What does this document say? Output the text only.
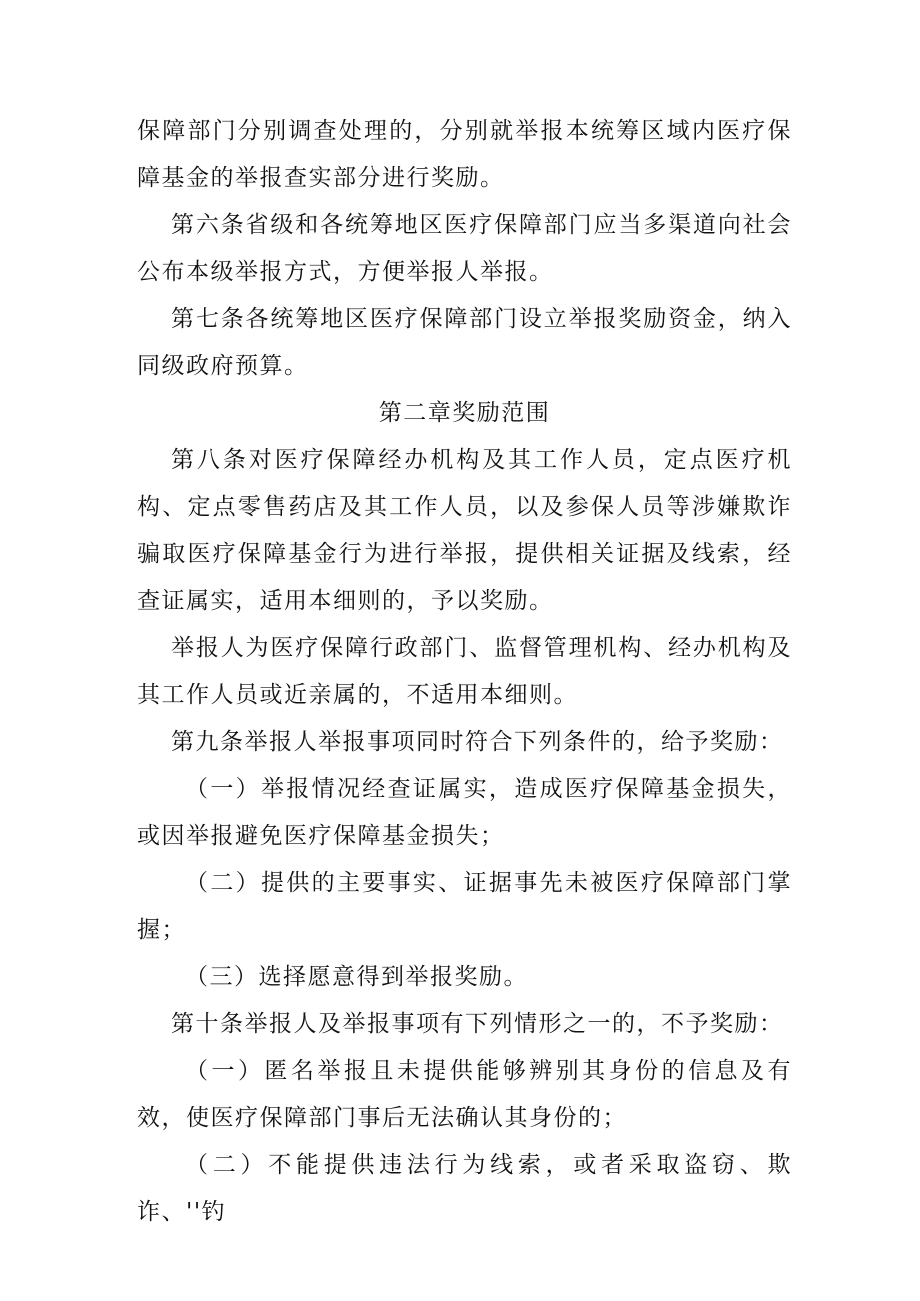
保障部门分别调查处理的，分别就举报本统筹区域内医疗保障基金的举报查实部分进行奖励。

第六条省级和各统筹地区医疗保障部门应当多渠道向社会公布本级举报方式，方便举报人举报。

第七条各统筹地区医疗保障部门设立举报奖励资金，纳入同级政府预算。

第二章奖励范围

第八条对医疗保障经办机构及其工作人员，定点医疗机构、定点零售药店及其工作人员，以及参保人员等涉嫌欺诈骗取医疗保障基金行为进行举报，提供相关证据及线索，经查证属实，适用本细则的，予以奖励。

举报人为医疗保障行政部门、监督管理机构、经办机构及其工作人员或近亲属的，不适用本细则。

第九条举报人举报事项同时符合下列条件的，给予奖励：

（一）举报情况经查证属实，造成医疗保障基金损失，或因举报避免医疗保障基金损失；

（二）提供的主要事实、证据事先未被医疗保障部门掌握；

（三）选择愿意得到举报奖励。

第十条举报人及举报事项有下列情形之一的，不予奖励：

（一）匿名举报且未提供能够辨别其身份的信息及有效，使医疗保障部门事后无法确认其身份的；

（二）不能提供违法行为线索，或者采取盗窃、欺诈、''钓
